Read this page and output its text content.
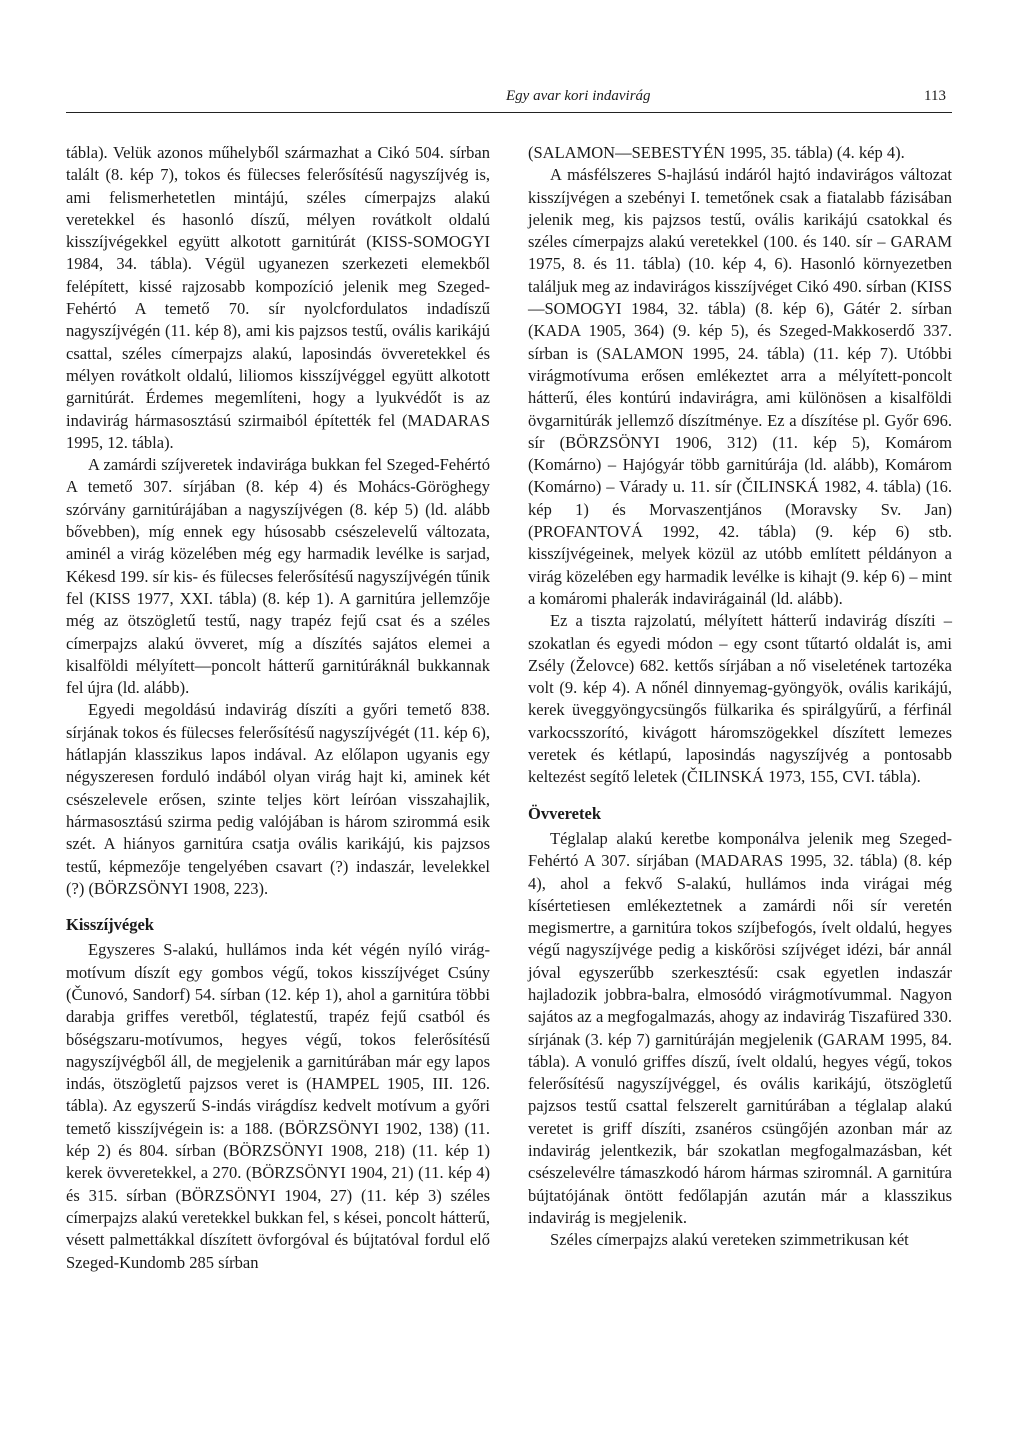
Egy avar kori indavirág	113

tábla). Velük azonos műhelyből származhat a Cikó 504. sírban talált (8. kép 7), tokos és fülecses felerősítésű nagyszíjvég is, ami felismerhetetlen mintájú, széles címerpajzs alakú veretekkel és hasonló díszű, mélyen rovátkolt oldalú kisszíjvégekkel együtt alkotott garnitúrát (KISS-SOMOGYI 1984, 34. tábla). Végül ugyanezen szerkezeti elemekből felépített, kissé rajzosabb kompozíció jelenik meg Szeged-Fehértó A temető 70. sír nyolcfordulatos indadíszű nagyszíjvégén (11. kép 8), ami kis pajzsos testű, ovális karikájú csattal, széles címerpajzs alakú, laposindás övveretekkel és mélyen rovátkolt oldalú, liliomos kisszíjvéggel együtt alkotott garnitúrát. Érdemes megemlíteni, hogy a lyukvédőt is az indavirág hármasosztású szirmaiból építették fel (MADARAS 1995, 12. tábla).

A zamárdi szíjveretek indavirága bukkan fel Szeged-Fehértó A temető 307. sírjában (8. kép 4) és Mohács-Göröghegy szórvány garnitúrájában a nagyszíjvégen (8. kép 5) (ld. alább bővebben), míg ennek egy húsosabb csészelevelű változata, aminél a virág közelében még egy harmadik levélke is sarjad, Kékesd 199. sír kis- és fülecses felerősítésű nagyszíjvégén tűnik fel (KISS 1977, XXI. tábla) (8. kép 1). A garnitúra jellemzője még az ötszögletű testű, nagy trapéz fejű csat és a széles címerpajzs alakú övveret, míg a díszítés sajátos elemei a kisalföldi mélyített—poncolt hátterű garnitúráknál bukkannak fel újra (ld. alább).

Egyedi megoldású indavirág díszíti a győri temető 838. sírjának tokos és fülecses felerősítésű nagyszíjvégét (11. kép 6), hátlapján klasszikus lapos indával. Az előlapon ugyanis egy négyszeresen forduló indából olyan virág hajt ki, aminek két csészelevele erősen, szinte teljes kört leíróan visszahajlik, hármasosztású szirma pedig valójában is három szirommá esik szét. A hiányos garnitúra csatja ovális karikájú, kis pajzsos testű, képmezője tengelyében csavart (?) indaszár, levelekkel (?) (BÖRZSÖNYI 1908, 223).

Kisszíjvégek

Egyszeres S-alakú, hullámos inda két végén nyíló virág-motívum díszít egy gombos végű, tokos kisszíjvéget Csúny (Čunovó, Sandorf) 54. sírban (12. kép 1), ahol a garnitúra többi darabja griffes veretből, téglatestű, trapéz fejű csatból és bőségszaru-motívumos, hegyes végű, tokos felerősítésű nagyszíjvégből áll, de megjelenik a garnitúrában már egy lapos indás, ötszögletű pajzsos veret is (HAMPEL 1905, III. 126. tábla). Az egyszerű S-indás virágdísz kedvelt motívum a győri temető kisszíjvégein is: a 188. (BÖRZSÖNYI 1902, 138) (11. kép 2) és 804. sírban (BÖRZSÖNYI 1908, 218) (11. kép 1) kerek övveretekkel, a 270. (BÖRZSÖNYI 1904, 21) (11. kép 4) és 315. sírban (BÖRZSÖNYI 1904, 27) (11. kép 3) széles címerpajzs alakú veretekkel bukkan fel, s kései, poncolt hátterű, vésett palmettákkal díszített övforgóval és bújtatóval fordul elő Szeged-Kundomb 285 sírban

(SALAMON—SEBESTYÉN 1995, 35. tábla) (4. kép 4).

A másfélszeres S-hajlású indáról hajtó indavirágos változat kisszíjvégen a szebényi I. temetőnek csak a fiatalabb fázisában jelenik meg, kis pajzsos testű, ovális karikájú csatokkal és széles címerpajzs alakú veretekkel (100. és 140. sír – GARAM 1975, 8. és 11. tábla) (10. kép 4, 6). Hasonló környezetben találjuk meg az indavirágos kisszíjvéget Cikó 490. sírban (KISS—SOMOGYI 1984, 32. tábla) (8. kép 6), Gátér 2. sírban (KADA 1905, 364) (9. kép 5), és Szeged-Makkoserdő 337. sírban is (SALAMON 1995, 24. tábla) (11. kép 7). Utóbbi virágmotívuma erősen emlékeztet arra a mélyített-poncolt hátterű, éles kontúrú indavirágra, ami különösen a kisalföldi övgarnitúrák jellemző díszítménye. Ez a díszítése pl. Győr 696. sír (BÖRZSÖNYI 1906, 312) (11. kép 5), Komárom (Komárno) – Hajógyár több garnitúrája (ld. alább), Komárom (Komárno) – Várady u. 11. sír (ČILINSKÁ 1982, 4. tábla) (16. kép 1) és Morvaszentjános (Moravsky Sv. Jan) (PROFANTOVÁ 1992, 42. tábla) (9. kép 6) stb. kisszíjvégeinek, melyek közül az utóbb említett példányon a virág közelében egy harmadik levélke is kihajt (9. kép 6) – mint a komáromi phalerák indavirágainál (ld. alább).

Ez a tiszta rajzolatú, mélyített hátterű indavirág díszíti – szokatlan és egyedi módon – egy csont tűtartó oldalát is, ami Zsély (Želovce) 682. kettős sírjában a nő viseletének tartozéka volt (9. kép 4). A nőnél dinnyemag-gyöngyök, ovális karikájú, kerek üveggyöngycsüngős fülkarika és spirálgyűrű, a férfinál varkocsszorító, kivágott háromszögekkel díszített lemezes veretek és kétlapú, laposindás nagyszíjvég a pontosabb keltezést segítő leletek (ČILINSKÁ 1973, 155, CVI. tábla).

Övveretek

Téglalap alakú keretbe komponálva jelenik meg Szeged-Fehértó A 307. sírjában (MADARAS 1995, 32. tábla) (8. kép 4), ahol a fekvő S-alakú, hullámos inda virágai még kísértetiesen emlékeztetnek a zamárdi női sír veretén megismertre, a garnitúra tokos szíjbefogós, ívelt oldalú, hegyes végű nagyszíjvége pedig a kiskőrösi szíjvéget idézi, bár annál jóval egyszerűbb szerkesztésű: csak egyetlen indaszár hajladozik jobbra-balra, elmosódó virágmotívummal. Nagyon sajátos az a megfogalmazás, ahogy az indavirág Tiszafüred 330. sírjának (3. kép 7) garnitúráján megjelenik (GARAM 1995, 84. tábla). A vonuló griffes díszű, ívelt oldalú, hegyes végű, tokos felerősítésű nagyszíjvéggel, és ovális karikájú, ötszögletű pajzsos testű csattal felszerelt garnitúrában a téglalap alakú veretet is griff díszíti, zsanéros csüngőjén azonban már az indavirág jelentkezik, bár szokatlan megfogalmazásban, két csészelevélre támaszkodó három hármas sziromnál. A garnitúra bújtatójának öntött fedőlapján azután már a klasszikus indavirág is megjelenik.

Széles címerpajzs alakú vereteken szimmetrikusan két
